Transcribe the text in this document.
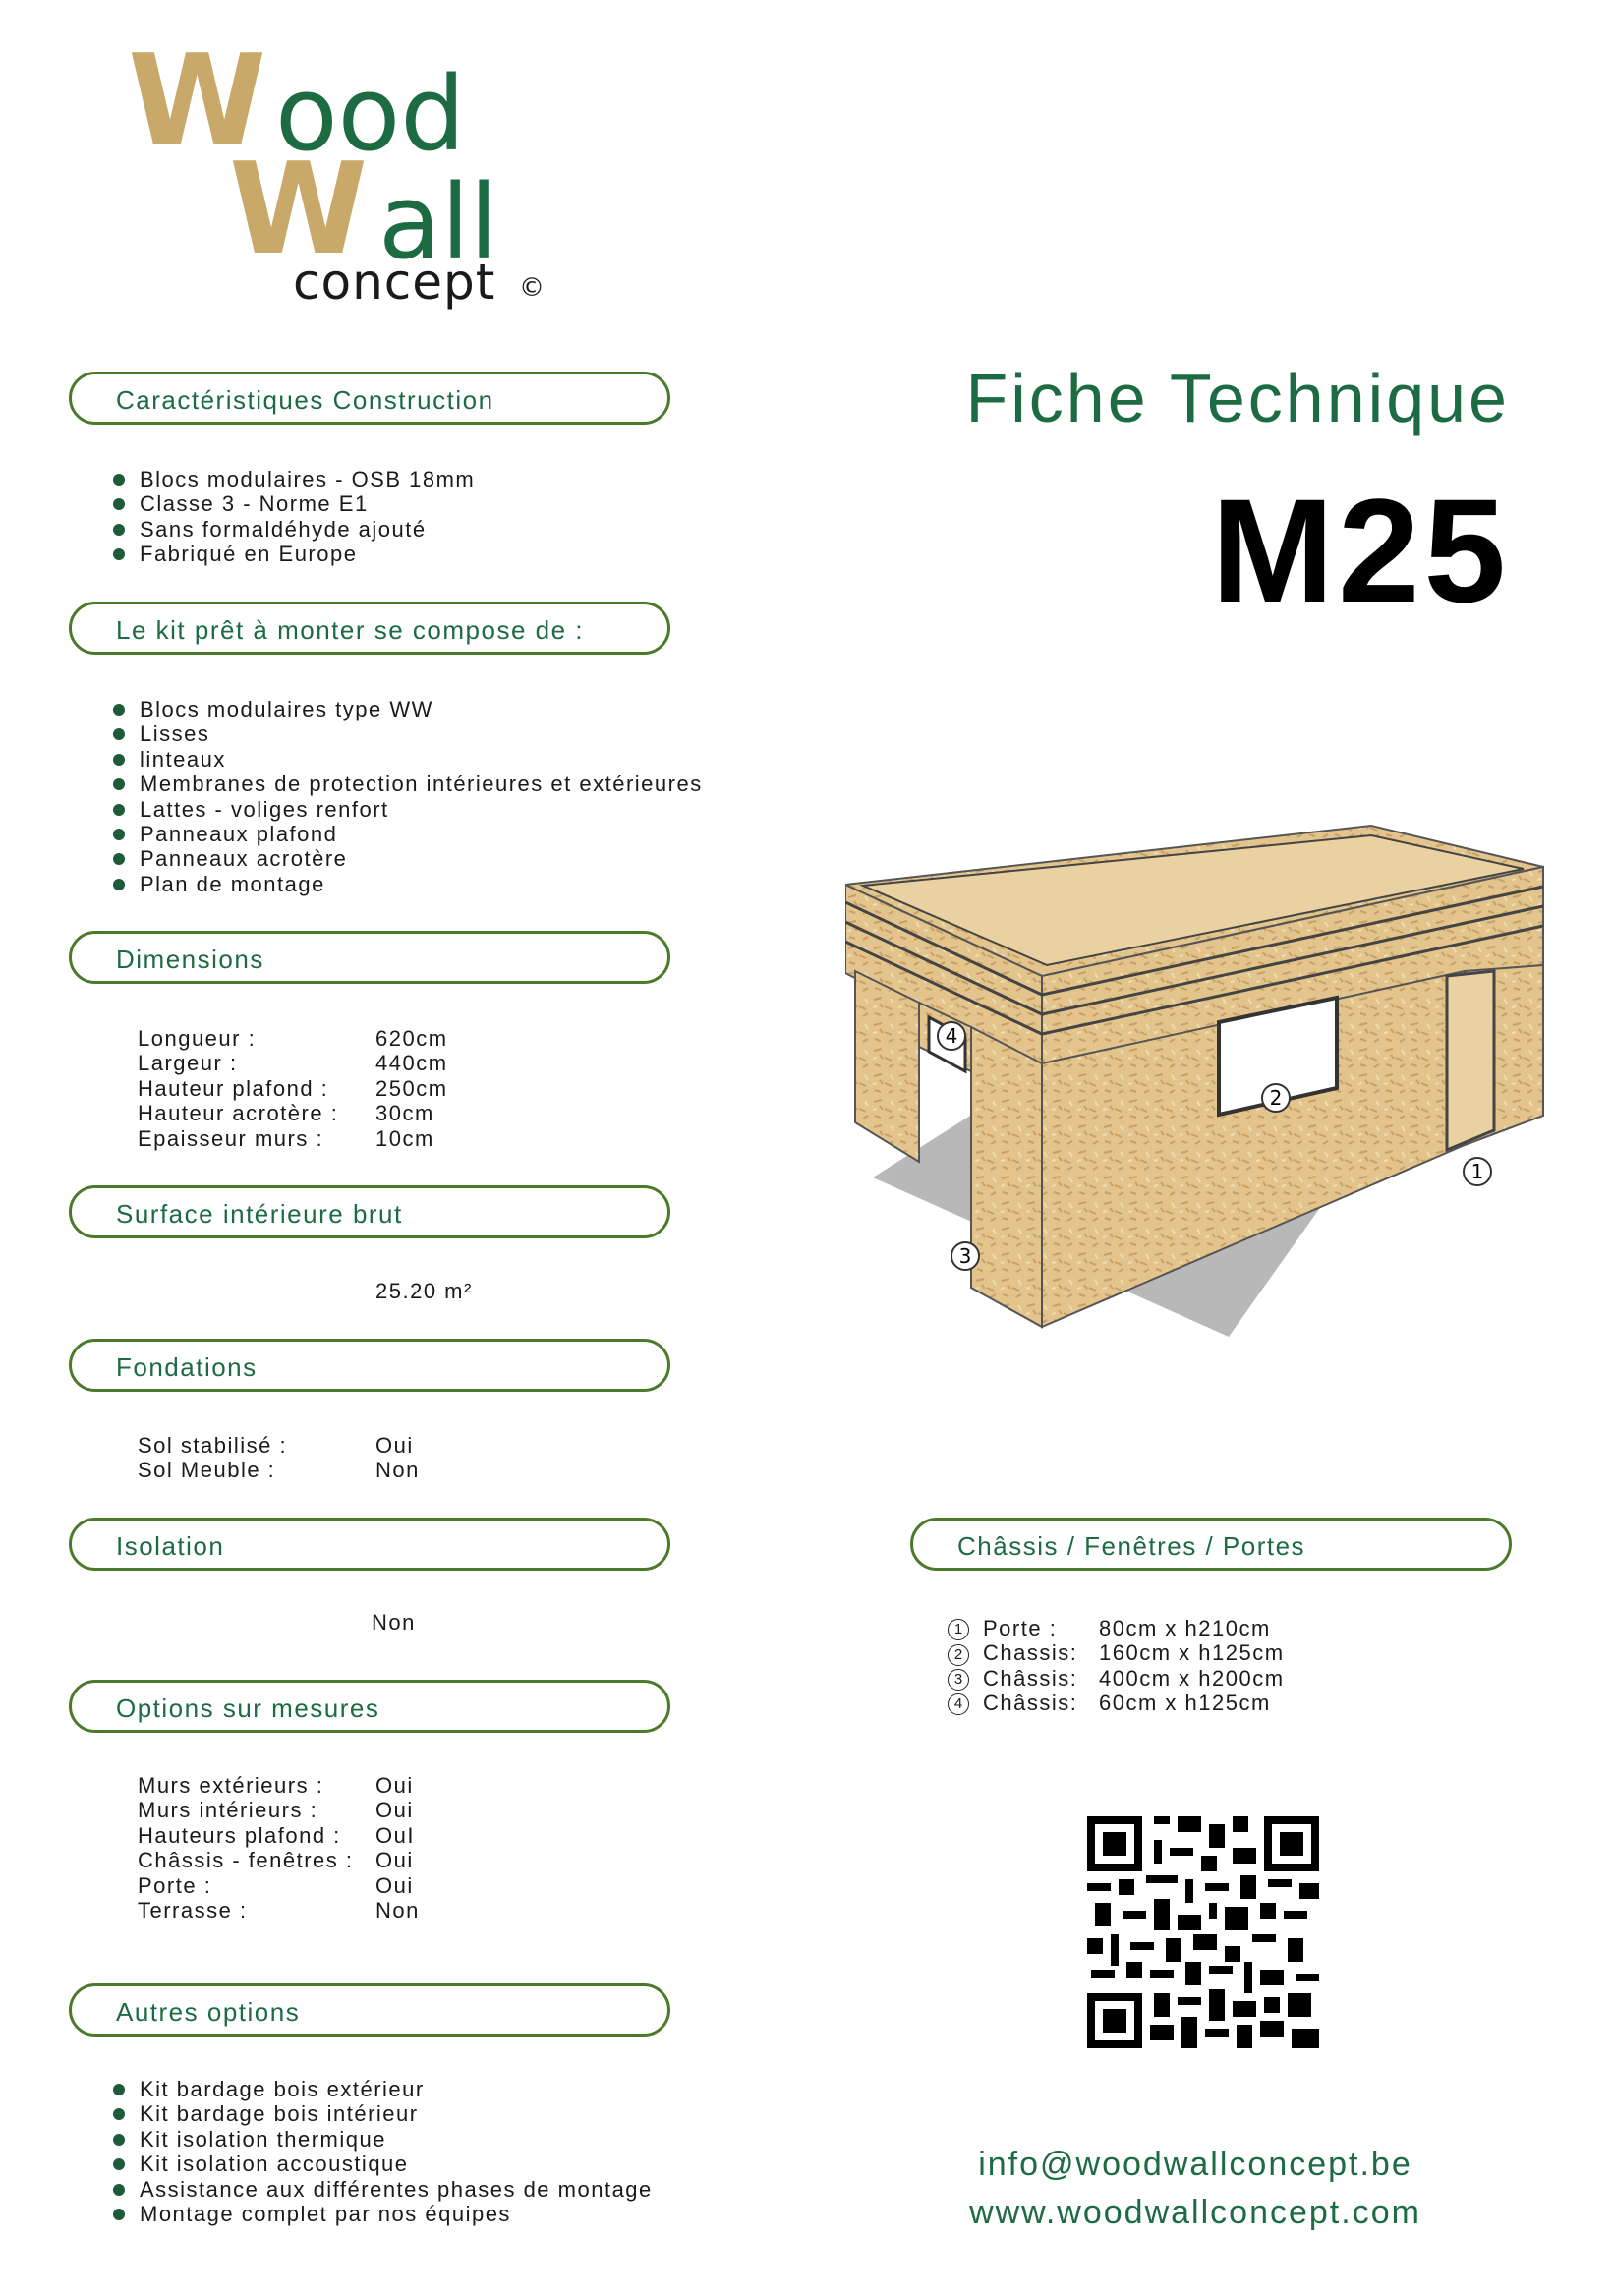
W ood
W all
concept ©
Fiche Technique
M25
Caractéristiques Construction
Blocs modulaires - OSB 18mm
Classe 3 - Norme E1
Sans formaldéhyde ajouté
Fabriqué en Europe
Le kit prêt à monter se compose de :
Blocs modulaires type WW
Lisses
linteaux
Membranes de protection intérieures et extérieures
Lattes - voliges renfort
Panneaux plafond
Panneaux acrotère
Plan de montage
Dimensions
Longueur :	620cm
Largeur :	440cm
Hauteur plafond : 250cm
Hauteur acrotère : 30cm
Epaisseur murs : 10cm
Surface intérieure brut
25.20 m²
Fondations
Sol stabilisé :	Oui
Sol Meuble :	Non
Isolation
Non
Options sur mesures
Murs extérieurs : Oui
Murs intérieurs :	Oui
Hauteurs plafond : OuI
Châssis - fenêtres : Oui
Porte :	Oui
Terrasse :	Non
Autres options
Kit bardage bois extérieur
Kit bardage bois intérieur
Kit isolation thermique
Kit isolation accoustique
Assistance aux différentes phases de montage
Montage complet par nos équipes
4
2
1
3
Châssis / Fenêtres / Portes
1 Porte : 80cm x h210cm
2 Chassis: 160cm x h125cm
3 Châssis: 400cm x h200cm
4 Châssis: 60cm x h125cm
info@woodwallconcept.be
www.woodwallconcept.com
